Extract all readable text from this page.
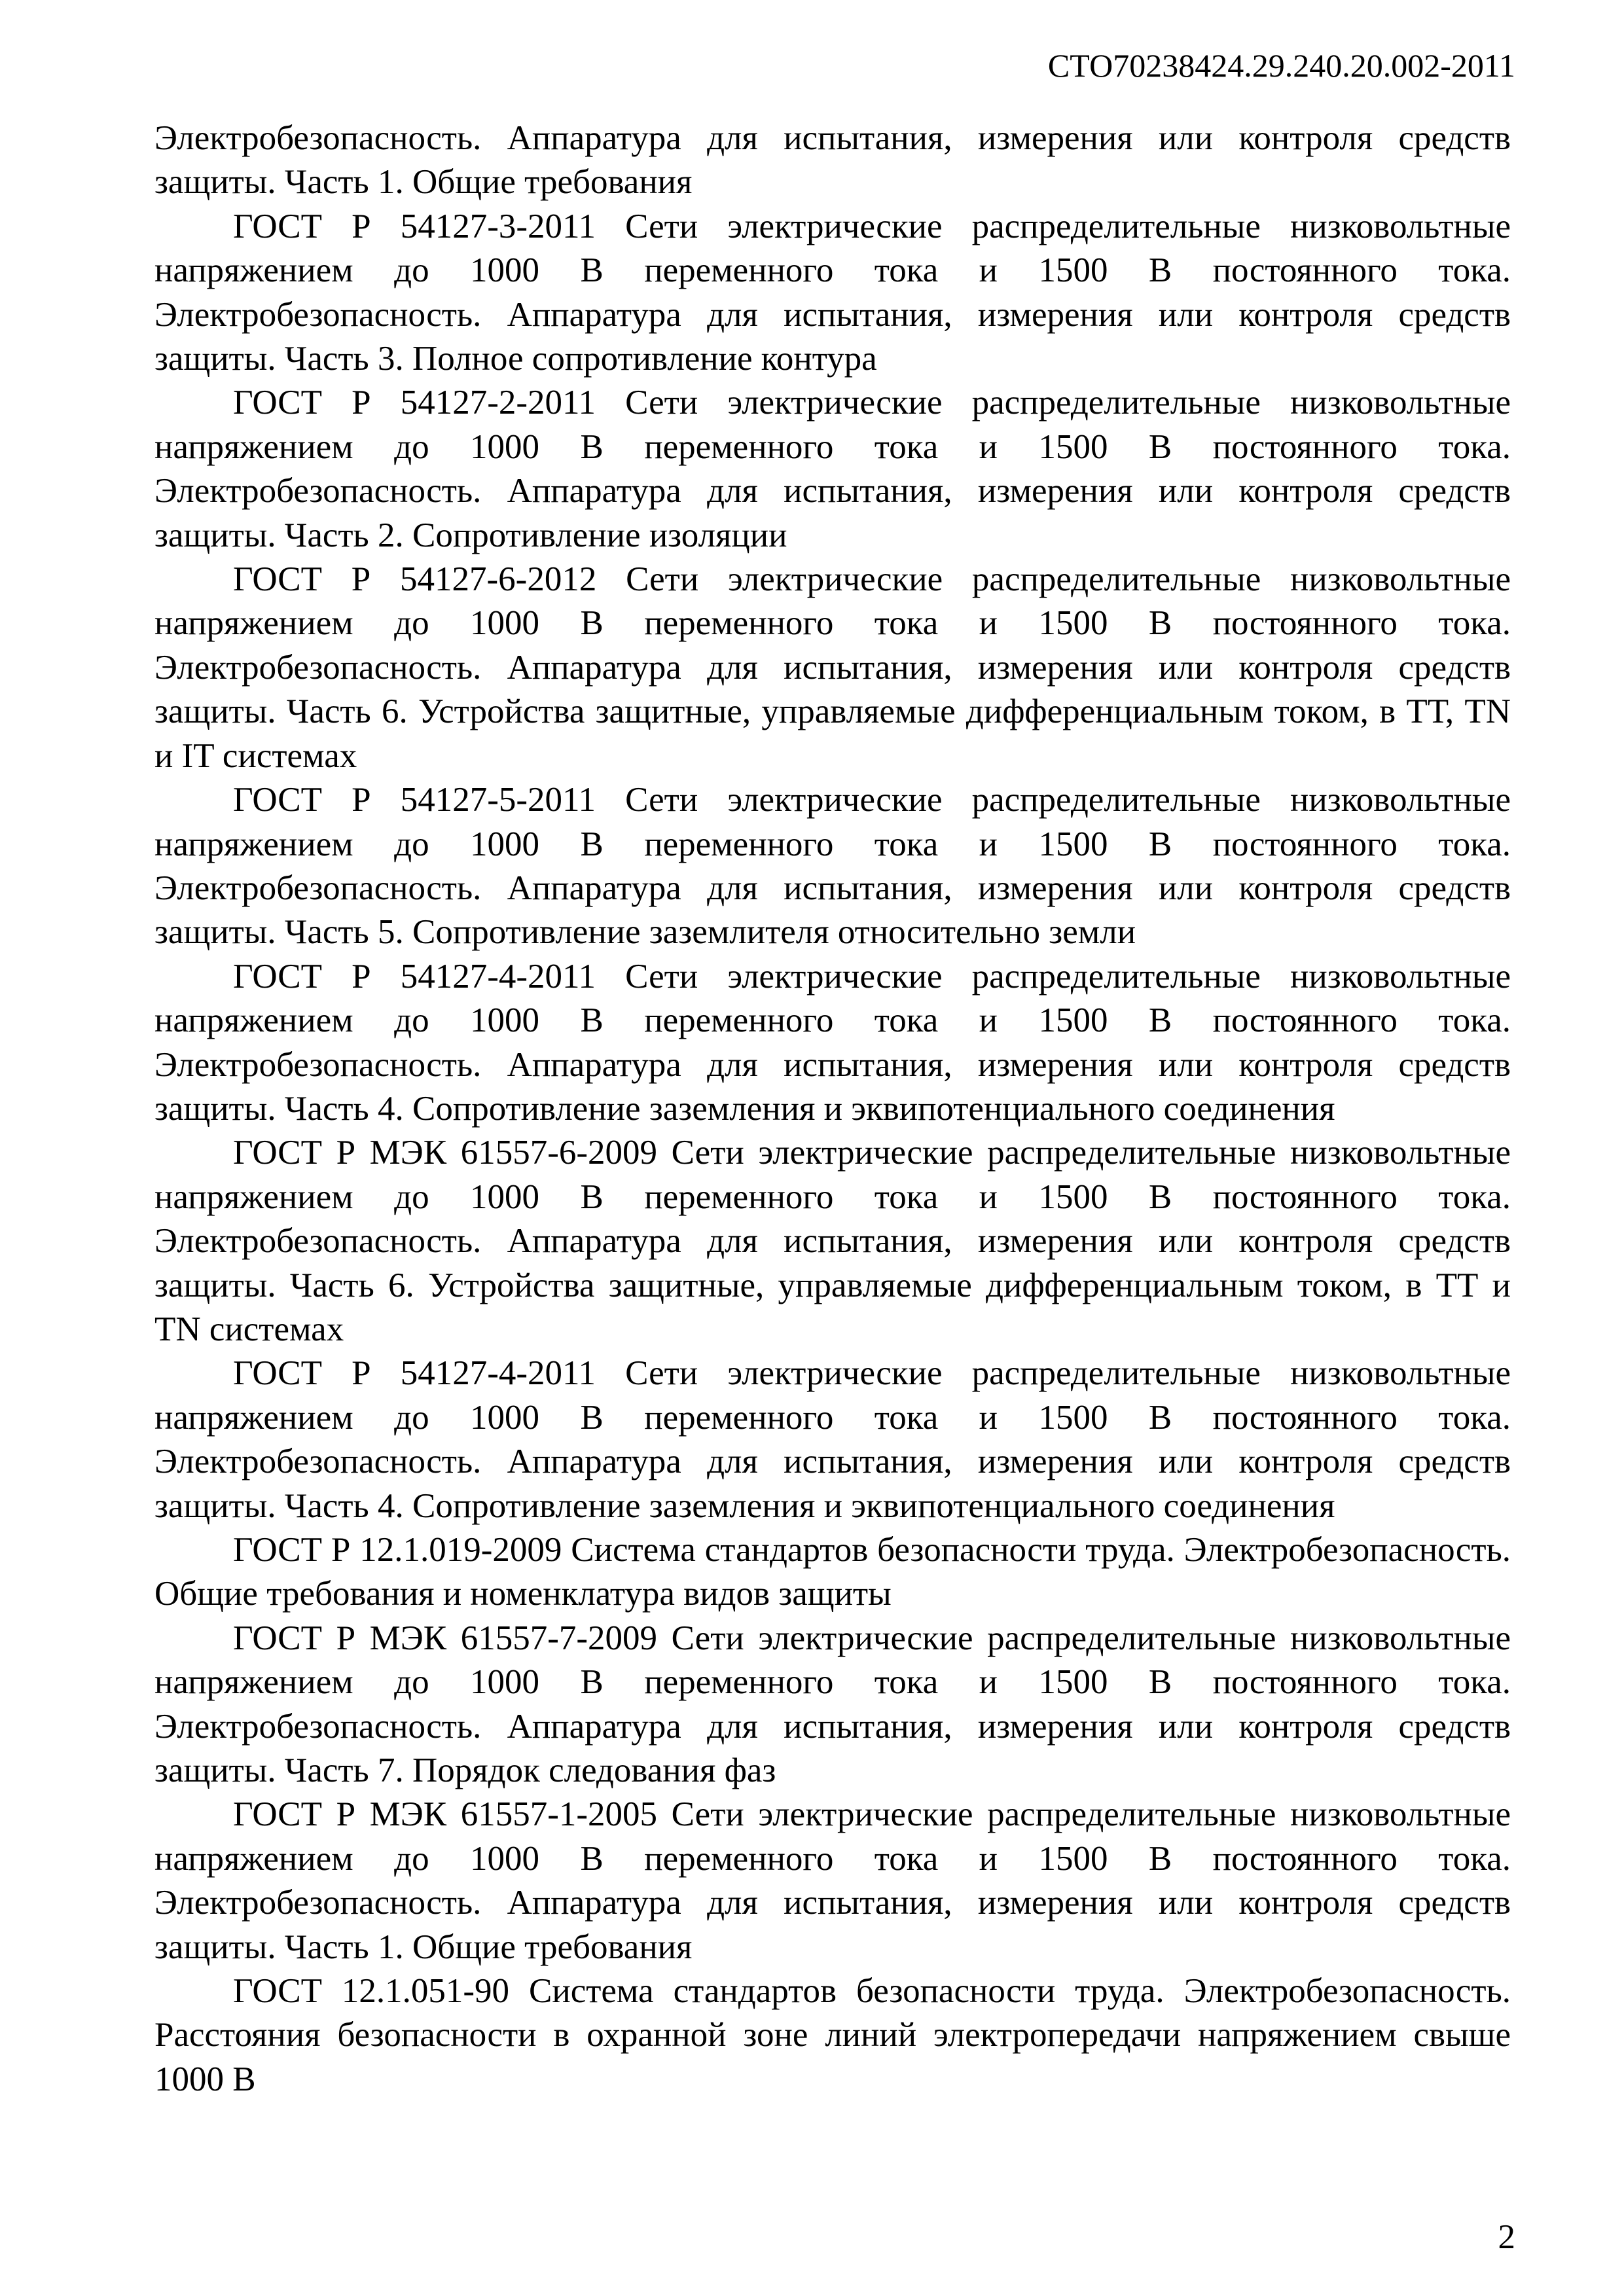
СТО70238424.29.240.20.002-2011

Электробезопасность. Аппаратура для испытания, измерения или контроля средств защиты. Часть 1. Общие требования

ГОСТ Р 54127-3-2011 Сети электрические распределительные низковольтные напряжением до 1000 В переменного тока и 1500 В постоянного тока. Электробезопасность. Аппаратура для испытания, измерения или контроля средств защиты. Часть 3. Полное сопротивление контура

ГОСТ Р 54127-2-2011 Сети электрические распределительные низковольтные напряжением до 1000 В переменного тока и 1500 В постоянного тока. Электробезопасность. Аппаратура для испытания, измерения или контроля средств защиты. Часть 2. Сопротивление изоляции

ГОСТ Р 54127-6-2012 Сети электрические распределительные низковольтные напряжением до 1000 В переменного тока и 1500 В постоянного тока. Электробезопасность. Аппаратура для испытания, измерения или контроля средств защиты. Часть 6. Устройства защитные, управляемые дифференциальным током, в ТТ, TN и IT системах

ГОСТ Р 54127-5-2011 Сети электрические распределительные низковольтные напряжением до 1000 В переменного тока и 1500 В постоянного тока. Электробезопасность. Аппаратура для испытания, измерения или контроля средств защиты. Часть 5. Сопротивление заземлителя относительно земли

ГОСТ Р 54127-4-2011 Сети электрические распределительные низковольтные напряжением до 1000 В переменного тока и 1500 В постоянного тока. Электробезопасность. Аппаратура для испытания, измерения или контроля средств защиты. Часть 4. Сопротивление заземления и эквипотенциального соединения

ГОСТ Р МЭК 61557-6-2009 Сети электрические распределительные низковольтные напряжением до 1000 В переменного тока и 1500 В постоянного тока. Электробезопасность. Аппаратура для испытания, измерения или контроля средств защиты. Часть 6. Устройства защитные, управляемые дифференциальным током, в ТТ и TN системах

ГОСТ Р 54127-4-2011 Сети электрические распределительные низковольтные напряжением до 1000 В переменного тока и 1500 В постоянного тока. Электробезопасность. Аппаратура для испытания, измерения или контроля средств защиты. Часть 4. Сопротивление заземления и эквипотенциального соединения

ГОСТ Р 12.1.019-2009 Система стандартов безопасности труда. Электробезопасность. Общие требования и номенклатура видов защиты

ГОСТ Р МЭК 61557-7-2009 Сети электрические распределительные низковольтные напряжением до 1000 В переменного тока и 1500 В постоянного тока. Электробезопасность. Аппаратура для испытания, измерения или контроля средств защиты. Часть 7. Порядок следования фаз

ГОСТ Р МЭК 61557-1-2005 Сети электрические распределительные низковольтные напряжением до 1000 В переменного тока и 1500 В постоянного тока. Электробезопасность. Аппаратура для испытания, измерения или контроля средств защиты. Часть 1. Общие требования

ГОСТ 12.1.051-90 Система стандартов безопасности труда. Электробезопасность. Расстояния безопасности в охранной зоне линий электропередачи напряжением свыше 1000 В

2
